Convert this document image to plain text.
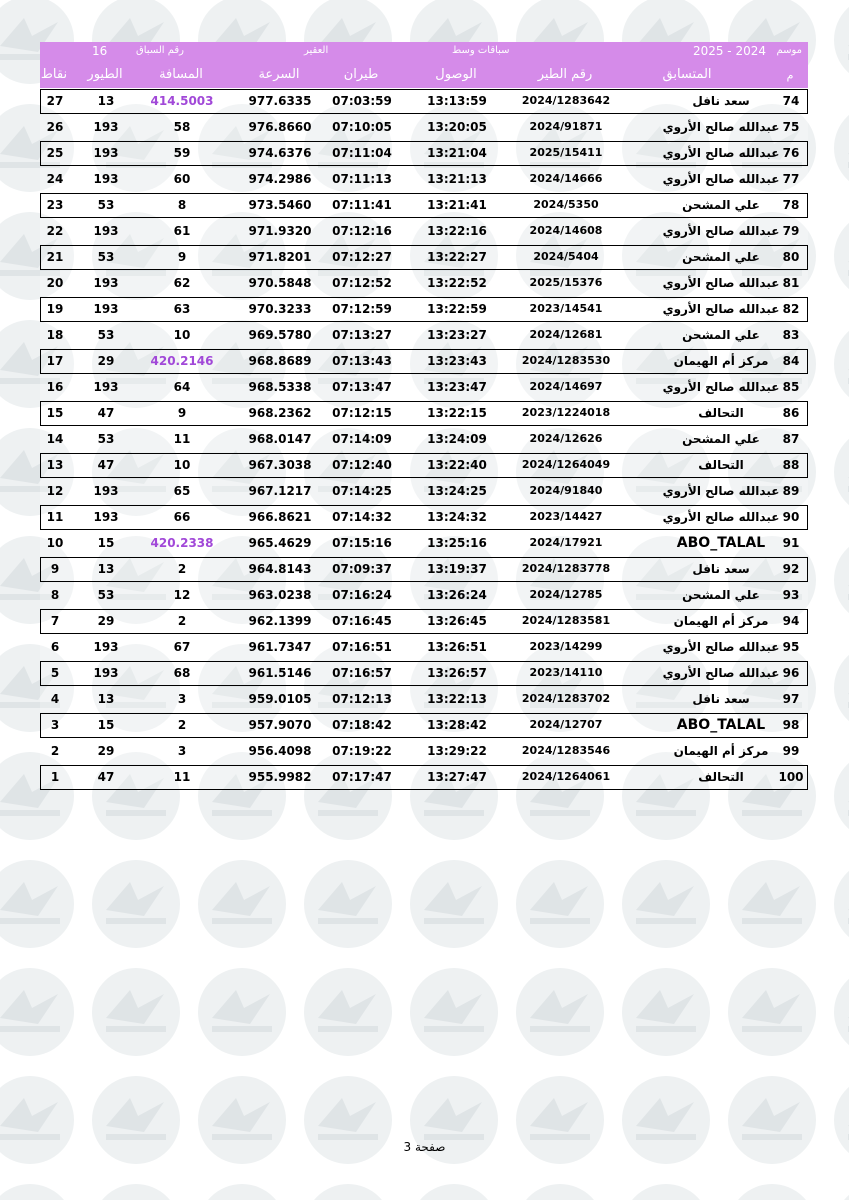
موسم
2025 - 2024
سباقات وسط
العقير
رقم السباق
16
م
المتسابق
رقم الطير
الوصول
طيران
السرعة
المسافة
الطيور
نقاط
74
سعد نافل
2024/1283642
13:13:59
07:03:59
977.6335
414.5003
13
27
75
عبدالله صالح الأروي
2024/91871
13:20:05
07:10:05
976.8660
58
193
26
76
عبدالله صالح الأروي
2025/15411
13:21:04
07:11:04
974.6376
59
193
25
77
عبدالله صالح الأروي
2024/14666
13:21:13
07:11:13
974.2986
60
193
24
78
علي المشحن
2024/5350
13:21:41
07:11:41
973.5460
8
53
23
79
عبدالله صالح الأروي
2024/14608
13:22:16
07:12:16
971.9320
61
193
22
80
علي المشحن
2024/5404
13:22:27
07:12:27
971.8201
9
53
21
81
عبدالله صالح الأروي
2025/15376
13:22:52
07:12:52
970.5848
62
193
20
82
عبدالله صالح الأروي
2023/14541
13:22:59
07:12:59
970.3233
63
193
19
83
علي المشحن
2024/12681
13:23:27
07:13:27
969.5780
10
53
18
84
مركز أم الهيمان
2024/1283530
13:23:43
07:13:43
968.8689
420.2146
29
17
85
عبدالله صالح الأروي
2024/14697
13:23:47
07:13:47
968.5338
64
193
16
86
التحالف
2023/1224018
13:22:15
07:12:15
968.2362
9
47
15
87
علي المشحن
2024/12626
13:24:09
07:14:09
968.0147
11
53
14
88
التحالف
2024/1264049
13:22:40
07:12:40
967.3038
10
47
13
89
عبدالله صالح الأروي
2024/91840
13:24:25
07:14:25
967.1217
65
193
12
90
عبدالله صالح الأروي
2023/14427
13:24:32
07:14:32
966.8621
66
193
11
91
ABO_TALAL
2024/17921
13:25:16
07:15:16
965.4629
420.2338
15
10
92
سعد نافل
2024/1283778
13:19:37
07:09:37
964.8143
2
13
9
93
علي المشحن
2024/12785
13:26:24
07:16:24
963.0238
12
53
8
94
مركز أم الهيمان
2024/1283581
13:26:45
07:16:45
962.1399
2
29
7
95
عبدالله صالح الأروي
2023/14299
13:26:51
07:16:51
961.7347
67
193
6
96
عبدالله صالح الأروي
2023/14110
13:26:57
07:16:57
961.5146
68
193
5
97
سعد نافل
2024/1283702
13:22:13
07:12:13
959.0105
3
13
4
98
ABO_TALAL
2024/12707
13:28:42
07:18:42
957.9070
2
15
3
99
مركز أم الهيمان
2024/1283546
13:29:22
07:19:22
956.4098
3
29
2
100
التحالف
2024/1264061
13:27:47
07:17:47
955.9982
11
47
1
صفحة 3
